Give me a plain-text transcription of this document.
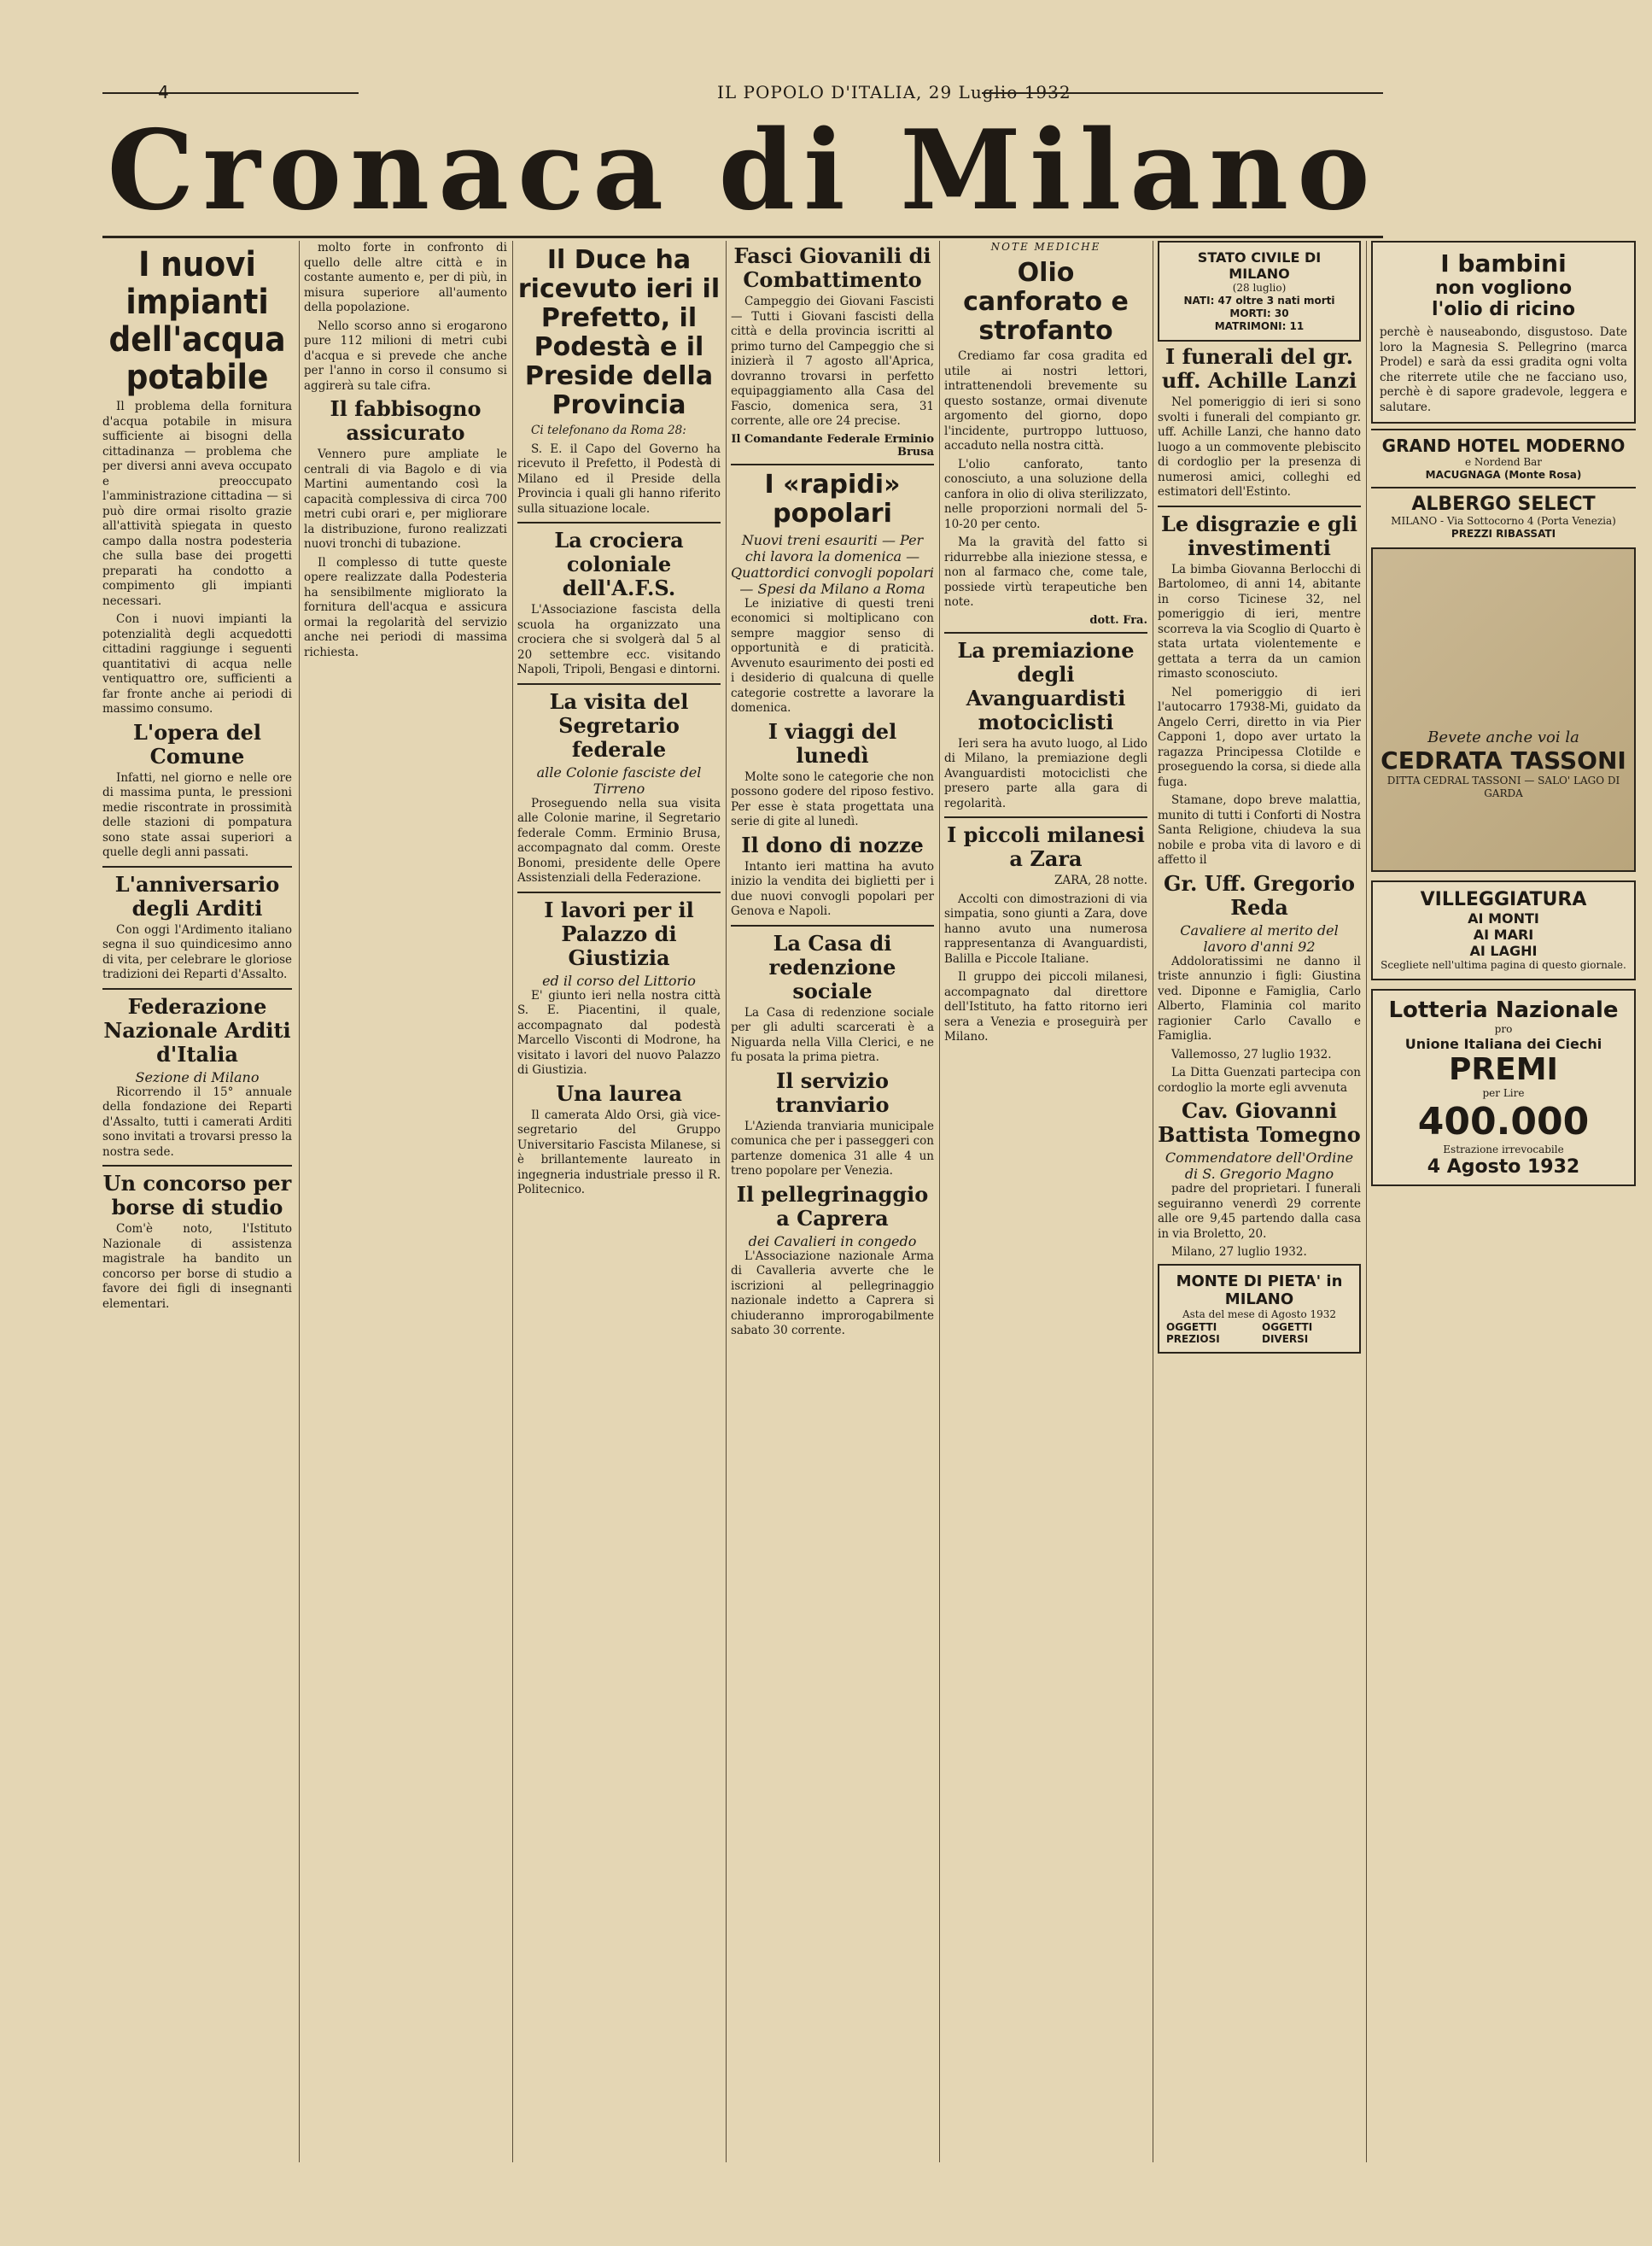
4	IL POPOLO D'ITALIA, 29 Luglio 1932
Cronaca di Milano
I nuovi impianti dell'acqua potabile

Il problema della fornitura d'acqua potabile in misura sufficiente ai bisogni della cittadinanza — problema che per diversi anni aveva occupato e preoccupato l'amministrazione cittadina — si può dire ormai risolto grazie all'attività spiegata in questo campo dalla nostra podesteria che sulla base dei progetti preparati ha condotto a compimento gli impianti necessari.

Con i nuovi impianti la potenzialità degli acquedotti cittadini raggiunge i seguenti quantitativi di acqua nelle ventiquattro ore, sufficienti a far fronte anche ai periodi di massimo consumo.

L'opera del Comune

Infatti, nel giorno e nelle ore di massima punta, le pressioni medie riscontrate in prossimità delle stazioni di pompatura sono state assai superiori a quelle degli anni passati.

L'anniversario degli Arditi

Con oggi l'Ardimento italiano segna il suo quindicesimo anno di vita, per celebrare le gloriose tradizioni dei Reparti d'Assalto.

Federazione Nazionale Arditi d'Italia
Sezione di Milano

Ricorrendo il 15° annuale della fondazione dei Reparti d'Assalto, tutti i camerati Arditi sono invitati a trovarsi presso la nostra sede.

Un concorso per borse di studio

Com'è noto, l'Istituto Nazionale di assistenza magistrale ha bandito un concorso per borse di studio a favore dei figli di insegnanti elementari.

molto forte in confronto di quello delle altre città e in costante aumento e, per di più, in misura superiore all'aumento della popolazione.

Nello scorso anno si erogarono pure 112 milioni di metri cubi d'acqua e si prevede che anche per l'anno in corso il consumo si aggirerà su tale cifra.

Il fabbisogno assicurato

Vennero pure ampliate le centrali di via Bagolo e di via Martini aumentando così la capacità complessiva di circa 700 metri cubi orari e, per migliorare la distribuzione, furono realizzati nuovi tronchi di tubazione.

Il complesso di tutte queste opere realizzate dalla Podesteria ha sensibilmente migliorato la fornitura dell'acqua e assicura ormai la regolarità del servizio anche nei periodi di massima richiesta.

Il Duce ha ricevuto ieri il Prefetto, il Podestà e il Preside della Provincia

Ci telefonano da Roma 28:

S. E. il Capo del Governo ha ricevuto il Prefetto, il Podestà di Milano ed il Preside della Provincia i quali gli hanno riferito sulla situazione locale.

La crociera coloniale dell'A.F.S.

L'Associazione fascista della scuola ha organizzato una crociera che si svolgerà dal 5 al 20 settembre ecc. visitando Napoli, Tripoli, Bengasi e dintorni.

La visita del Segretario federale
alle Colonie fasciste del Tirreno

Proseguendo nella sua visita alle Colonie marine, il Segretario federale Comm. Erminio Brusa, accompagnato dal comm. Oreste Bonomi, presidente delle Opere Assistenziali della Federazione.

I lavori per il Palazzo di Giustizia
ed il corso del Littorio

E' giunto ieri nella nostra città S. E. Piacentini, il quale, accompagnato dal podestà Marcello Visconti di Modrone, ha visitato i lavori del nuovo Palazzo di Giustizia.

Una laurea

Il camerata Aldo Orsi, già vice-segretario del Gruppo Universitario Fascista Milanese, si è brillantemente laureato in ingegneria industriale presso il R. Politecnico.

Fasci Giovanili di Combattimento

Campeggio dei Giovani Fascisti — Tutti i Giovani fascisti della città e della provincia iscritti al primo turno del Campeggio che si inizierà il 7 agosto all'Aprica, dovranno trovarsi in perfetto equipaggiamento alla Casa del Fascio, domenica sera, 31 corrente, alle ore 24 precise.

Il Comandante Federale Erminio Brusa
I «rapidi» popolari
Nuovi treni esauriti — Per chi lavora la domenica — Quattordici convogli popolari — Spesi da Milano a Roma

Le iniziative di questi treni economici si moltiplicano con sempre maggior senso di opportunità e di praticità. Avvenuto esaurimento dei posti ed i desiderio di qualcuna di quelle categorie costrette a lavorare la domenica.

I viaggi del lunedì

Molte sono le categorie che non possono godere del riposo festivo. Per esse è stata progettata una serie di gite al lunedì.

Il dono di nozze

Intanto ieri mattina ha avuto inizio la vendita dei biglietti per i due nuovi convogli popolari per Genova e Napoli.

La Casa di redenzione sociale

La Casa di redenzione sociale per gli adulti scarcerati è a Niguarda nella Villa Clerici, e ne fu posata la prima pietra.

Il servizio tranviario

L'Azienda tranviaria municipale comunica che per i passeggeri con partenze domenica 31 alle 4 un treno popolare per Venezia.

Il pellegrinaggio a Caprera
dei Cavalieri in congedo

L'Associazione nazionale Arma di Cavalleria avverte che le iscrizioni al pellegrinaggio nazionale indetto a Caprera si chiuderanno improrogabilmente sabato 30 corrente.

NOTE MEDICHE
Olio canforato e strofanto

Crediamo far cosa gradita ed utile ai nostri lettori, intrattenendoli brevemente su questo sostanze, ormai divenute argomento del giorno, dopo l'incidente, purtroppo luttuoso, accaduto nella nostra città.

L'olio canforato, tanto conosciuto, a una soluzione della canfora in olio di oliva sterilizzato, nelle proporzioni normali del 5-10-20 per cento.

Ma la gravità del fatto si ridurrebbe alla iniezione stessa, e non al farmaco che, come tale, possiede virtù terapeutiche ben note.

dott. Fra.
La premiazione degli Avanguardisti motociclisti

Ieri sera ha avuto luogo, al Lido di Milano, la premiazione degli Avanguardisti motociclisti che presero parte alla gara di regolarità.

I piccoli milanesi a Zara

ZARA, 28 notte.

Accolti con dimostrazioni di via simpatia, sono giunti a Zara, dove hanno avuto una numerosa rappresentanza di Avanguardisti, Balilla e Piccole Italiane.

Il gruppo dei piccoli milanesi, accompagnato dal direttore dell'Istituto, ha fatto ritorno ieri sera a Venezia e proseguirà per Milano.

STATO CIVILE DI MILANO
(28 luglio)
NATI: 47 oltre 3 nati morti
MORTI: 30
MATRIMONI: 11
I funerali del gr. uff. Achille Lanzi

Nel pomeriggio di ieri si sono svolti i funerali del compianto gr. uff. Achille Lanzi, che hanno dato luogo a un commovente plebiscito di cordoglio per la presenza di numerosi amici, colleghi ed estimatori dell'Estinto.

Le disgrazie e gli investimenti

La bimba Giovanna Berlocchi di Bartolomeo, di anni 14, abitante in corso Ticinese 32, nel pomeriggio di ieri, mentre scorreva la via Scoglio di Quarto è stata urtata violentemente e gettata a terra da un camion rimasto sconosciuto.

Nel pomeriggio di ieri l'autocarro 17938-Mi, guidato da Angelo Cerri, diretto in via Pier Capponi 1, dopo aver urtato la ragazza Principessa Clotilde e proseguendo la corsa, si diede alla fuga.

Stamane, dopo breve malattia, munito di tutti i Conforti di Nostra Santa Religione, chiudeva la sua nobile e proba vita di lavoro e di affetto il

Gr. Uff. Gregorio Reda
Cavaliere al merito del lavoro d'anni 92

Addoloratissimi ne danno il triste annunzio i figli: Giustina ved. Diponne e Famiglia, Carlo Alberto, Flaminia col marito ragionier Carlo Cavallo e Famiglia.

Vallemosso, 27 luglio 1932.

La Ditta Guenzati partecipa con cordoglio la morte egli avvenuta

Cav. Giovanni Battista Tomegno
Commendatore dell'Ordine di S. Gregorio Magno

padre del proprietari. I funerali seguiranno venerdì 29 corrente alle ore 9,45 partendo dalla casa in via Broletto, 20.

Milano, 27 luglio 1932.

MONTE DI PIETA' in MILANO
Asta del mese di Agosto 1932
OGGETTI PREZIOSI
OGGETTI DIVERSI
I bambini
non vogliono
l'olio di ricino
perchè è nauseabondo, disgustoso. Date loro la Magnesia S. Pellegrino (marca Prodel) e sarà da essi gradita ogni volta che riterrete utile che ne facciano uso, perchè è di sapore gradevole, leggera e salutare.
GRAND HOTEL MODERNO
e Nordend Bar
MACUGNAGA (Monte Rosa)
ALBERGO SELECT
MILANO - Via Sottocorno 4 (Porta Venezia)
PREZZI RIBASSATI
Bevete anche voi la
CEDRATA TASSONI
DITTA CEDRAL TASSONI — SALO' LAGO DI GARDA
VILLEGGIATURA
AI MONTI
AI MARI
AI LAGHI
Scegliete nell'ultima pagina di questo giornale.
Lotteria Nazionale
pro
Unione Italiana dei Ciechi
PREMI
per Lire
400.000
Estrazione irrevocabile
4 Agosto 1932
